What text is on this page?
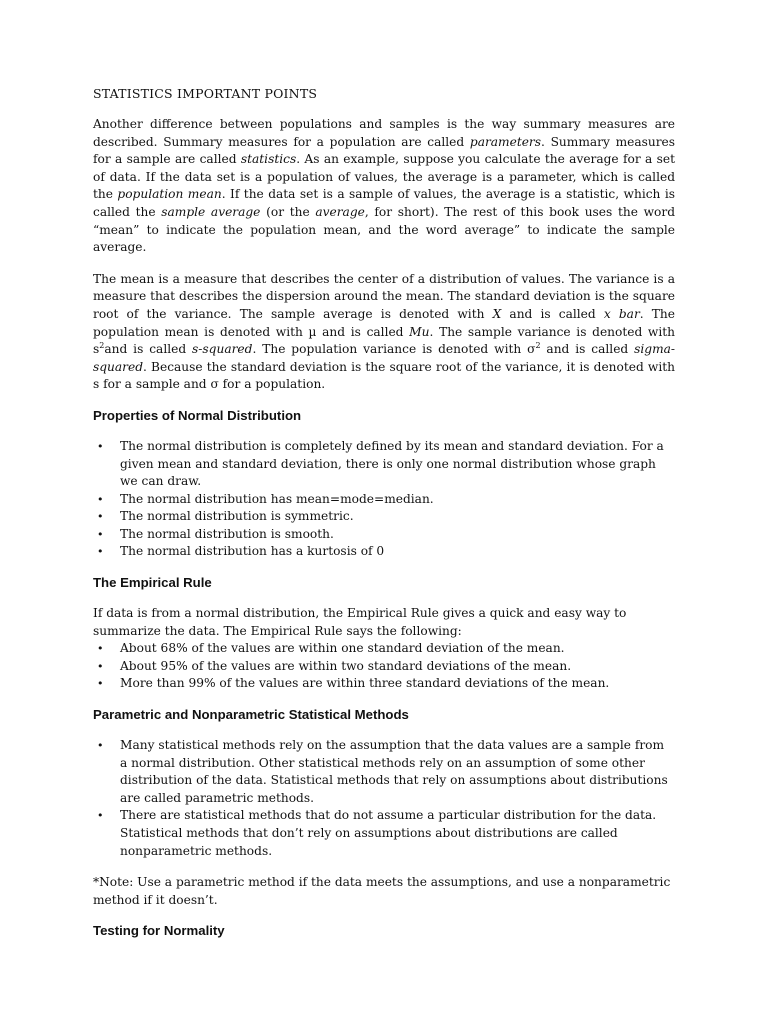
STATISTICS IMPORTANT POINTS

Another difference between populations and samples is the way summary measures are described. Summary measures for a population are called parameters. Summary measures for a sample are called statistics. As an example, suppose you calculate the average for a set of data. If the data set is a population of values, the average is a parameter, which is called the population mean. If the data set is a sample of values, the average is a statistic, which is called the sample average (or the average, for short). The rest of this book uses the word “mean” to indicate the population mean, and the word average” to indicate the sample average.

The mean is a measure that describes the center of a distribution of values. The variance is a measure that describes the dispersion around the mean. The standard deviation is the square root of the variance. The sample average is denoted with X and is called x bar. The population mean is denoted with µ and is called Mu. The sample variance is denoted with $s^2and$ is called s-squared. The population variance is denoted with $\sigma^2$ and is called sigma-squared. Because the standard deviation is the square root of the variance, it is denoted with s for a sample and σ for a population.

Properties of Normal Distribution
• The normal distribution is completely defined by its mean and standard deviation. For a given mean and standard deviation, there is only one normal distribution whose graph we can draw.
• The normal distribution has mean=mode=median.
• The normal distribution is symmetric.
• The normal distribution is smooth.
• The normal distribution has a kurtosis of 0
The Empirical Rule

If data is from a normal distribution, the Empirical Rule gives a quick and easy way to summarize the data. The Empirical Rule says the following:

• About 68% of the values are within one standard deviation of the mean.
• About 95% of the values are within two standard deviations of the mean.
• More than 99% of the values are within three standard deviations of the mean.
Parametric and Nonparametric Statistical Methods
• Many statistical methods rely on the assumption that the data values are a sample from a normal distribution. Other statistical methods rely on an assumption of some other distribution of the data. Statistical methods that rely on assumptions about distributions are called parametric methods.
• There are statistical methods that do not assume a particular distribution for the data. Statistical methods that don’t rely on assumptions about distributions are called nonparametric methods.

*Note: Use a parametric method if the data meets the assumptions, and use a nonparametric method if it doesn’t.

Testing for Normality
